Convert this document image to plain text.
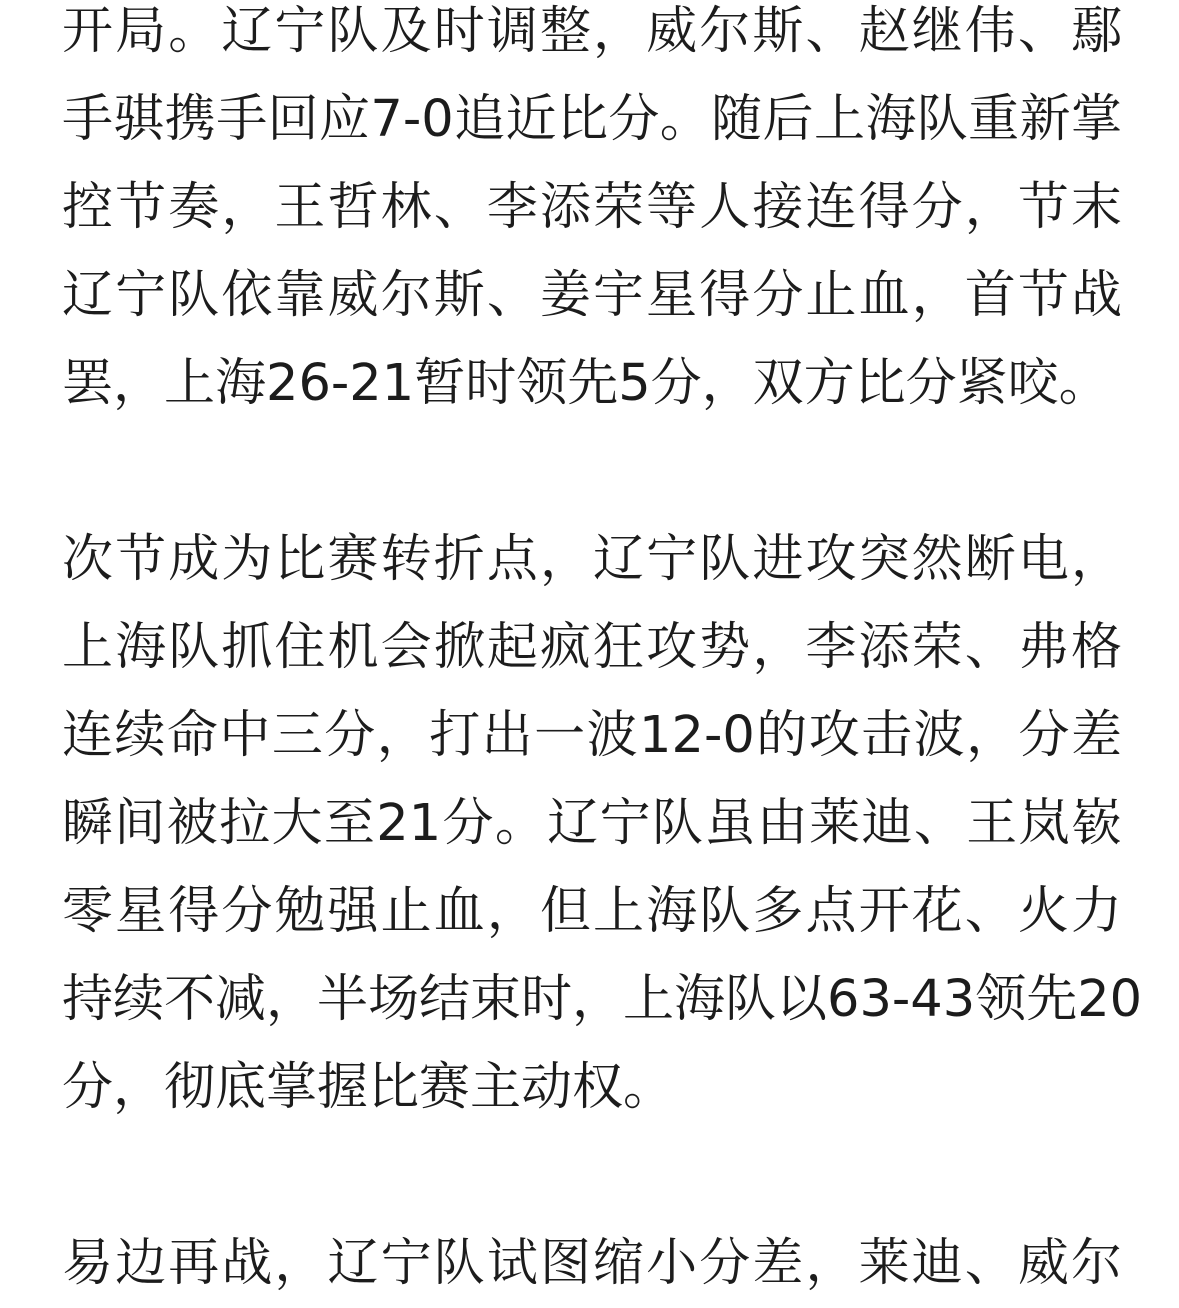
开局。辽宁队及时调整，威尔斯、赵继伟、鄢
手骐携手回应7-0追近比分。随后上海队重新掌
控节奏，王哲林、李添荣等人接连得分，节末
辽宁队依靠威尔斯、姜宇星得分止血，首节战
罢，上海26-21暂时领先5分，双方比分紧咬。
次节成为比赛转折点，辽宁队进攻突然断电，
上海队抓住机会掀起疯狂攻势，李添荣、弗格
连续命中三分，打出一波12-0的攻击波，分差
瞬间被拉大至21分。辽宁队虽由莱迪、王岚嵚
零星得分勉强止血，但上海队多点开花、火力
持续不减，半场结束时，上海队以63-43领先20
分，彻底掌握比赛主动权。
易边再战，辽宁队试图缩小分差，莱迪、威尔
